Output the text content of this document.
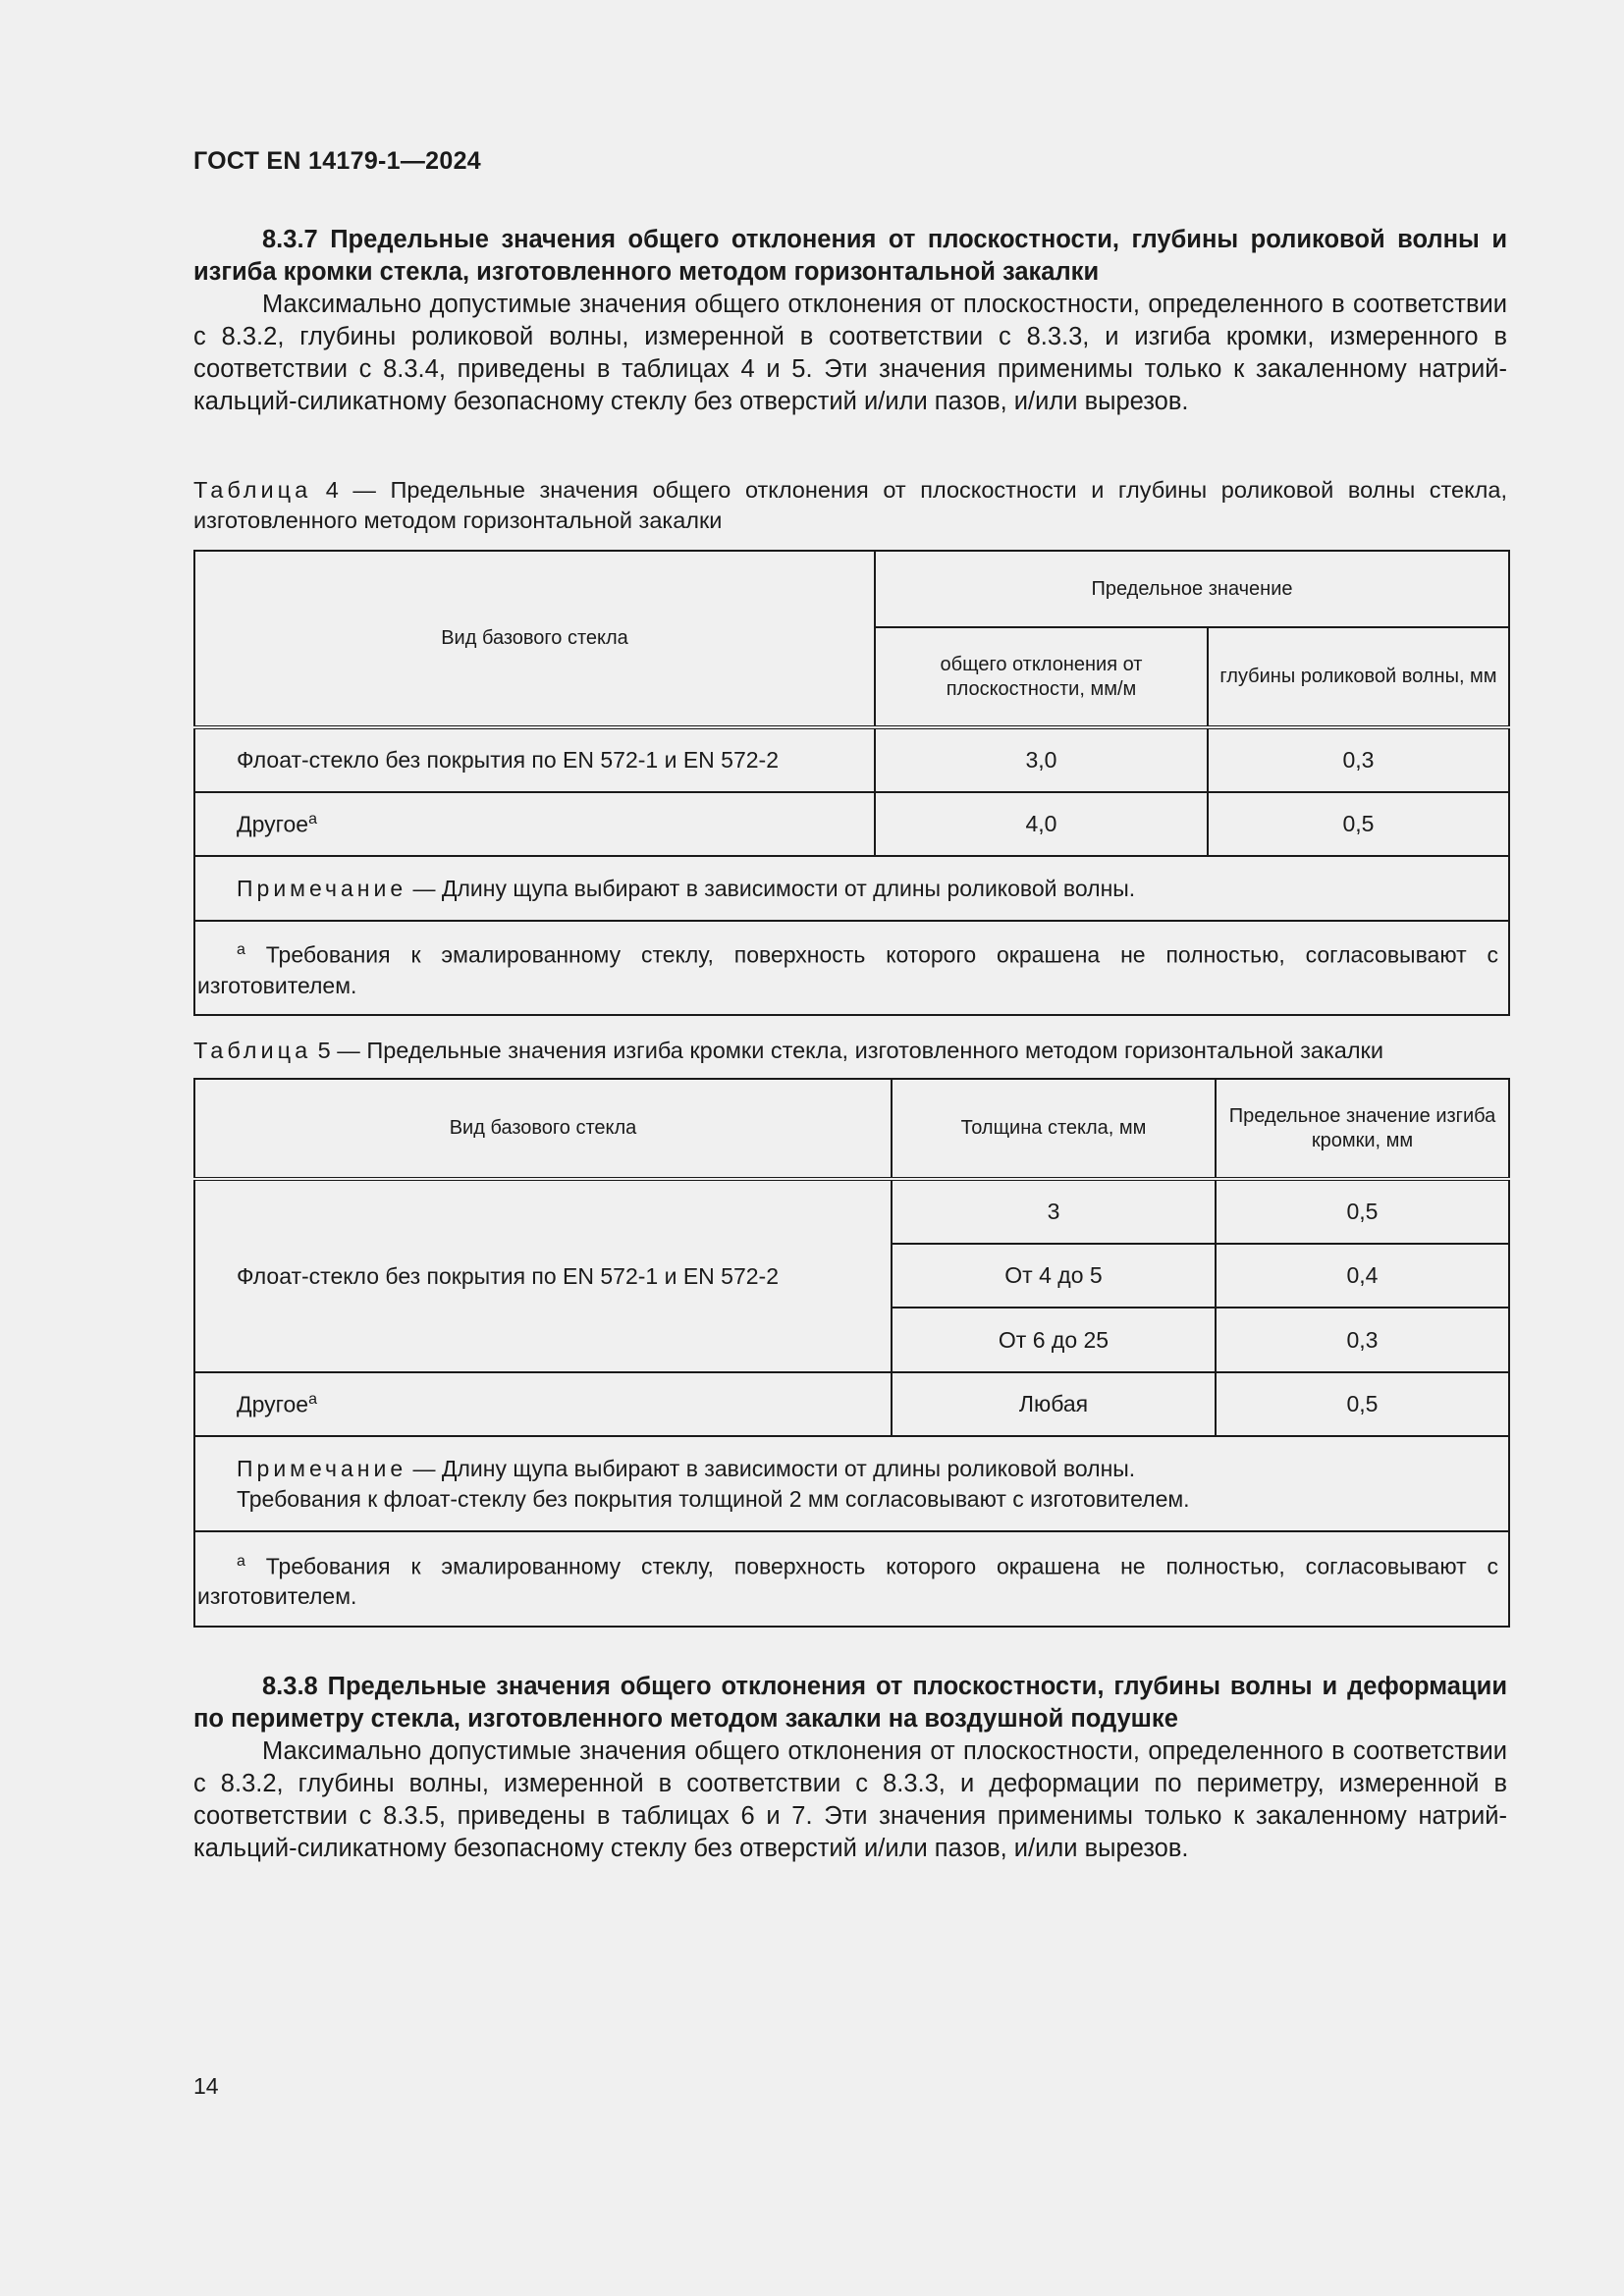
ГОСТ EN 14179-1—2024

8.3.7 Предельные значения общего отклонения от плоскостности, глубины роликовой волны и изгиба кромки стекла, изготовленного методом горизонтальной закалки

Максимально допустимые значения общего отклонения от плоскостности, определенного в соответствии с 8.3.2, глубины роликовой волны, измеренной в соответствии с 8.3.3, и изгиба кромки, измеренного в соответствии с 8.3.4, приведены в таблицах 4 и 5. Эти значения применимы только к закаленному натрий-кальций-силикатному безопасному стеклу без отверстий и/или пазов, и/или вырезов.

Таблица 4 — Предельные значения общего отклонения от плоскостности и глубины роликовой волны стекла, изготовленного методом горизонтальной закалки

Вид базового стекла	Предельное значение	
	общего отклонения от плоскостности, мм/м	глубины роликовой волны, мм
Флоат-стекло без покрытия по EN 572-1 и EN 572-2	3,0	0,3
Другое$^a$	4,0	0,5
Примечание — Длину щупа выбирают в зависимости от длины роликовой волны.		
$^a$ Требования к эмалированному стеклу, поверхность которого окрашена не полностью, согласовывают с изготовителем.		

Таблица 5 — Предельные значения изгиба кромки стекла, изготовленного методом горизонтальной закалки

Вид базового стекла	Толщина стекла, мм	Предельное значение изгиба кромки, мм
Флоат-стекло без покрытия по EN 572-1 и EN 572-2	3	0,5
	От 4 до 5	0,4
	От 6 до 25	0,3
Другое$^a$	Любая	0,5
Примечание — Длину щупа выбирают в зависимости от длины роликовой волны.
Требования к флоат-стеклу без покрытия толщиной 2 мм согласовывают с изготовителем.		
$^a$ Требования к эмалированному стеклу, поверхность которого окрашена не полностью, согласовывают с изготовителем.		

8.3.8 Предельные значения общего отклонения от плоскостности, глубины волны и деформации по периметру стекла, изготовленного методом закалки на воздушной подушке

Максимально допустимые значения общего отклонения от плоскостности, определенного в соответствии с 8.3.2, глубины волны, измеренной в соответствии с 8.3.3, и деформации по периметру, измеренной в соответствии с 8.3.5, приведены в таблицах 6 и 7. Эти значения применимы только к закаленному натрий-кальций-силикатному безопасному стеклу без отверстий и/или пазов, и/или вырезов.

14
